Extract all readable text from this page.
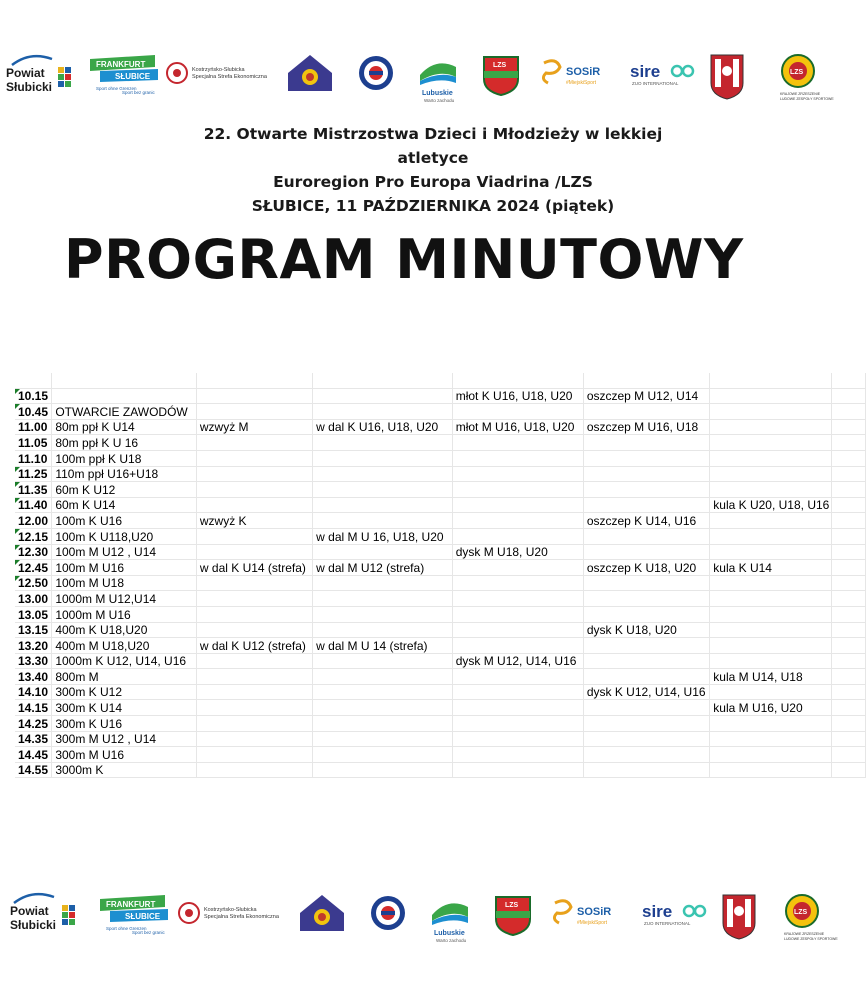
Powiat
Słubicki
FRANKFURT
SŁUBICE
Sport ohne Grenzen
Sport bez granic
Kostrzyńsko-Słubicka
Specjalna Strefa Ekonomiczna
Lubuskie
Warto zachodu
LZS
SOSiR
#MiejskiSport
sire
ZUO INTERNATIONAL
LZS
KRAJOWE ZRZESZENIE
LUDOWE ZESPOŁY SPORTOWE
22. Otwarte Mistrzostwa Dzieci i Młodzieży w lekkiej
atletyce
Euroregion Pro Europa Viadrina /LZS
SŁUBICE, 11 PAŹDZIERNIKA 2024 (piątek)
PROGRAM MINUTOWY

10.15				młot K U16, U18, U20	oszczep M U12, U14		
10.45	OTWARCIE ZAWODÓW						
11.00	80m ppł K U14	wzwyż M	w dal K U16, U18, U20	młot M U16, U18, U20	oszczep M U16, U18		
11.05	80m ppł K U 16						
11.10	100m ppł K U18						
11.25	110m ppł U16+U18						
11.35	60m K U12						
11.40	60m K U14					kula K U20, U18, U16	
12.00	100m K U16	wzwyż K			oszczep K U14, U16		
12.15	100m K U118,U20		w dal M U 16, U18, U20				
12.30	100m M U12 , U14			dysk M U18, U20			
12.45	100m M U16	w dal K U14 (strefa)	w dal M U12 (strefa)		oszczep K U18, U20	kula K U14	
12.50	100m M U18						
13.00	1000m M U12,U14						
13.05	1000m M U16						
13.15	400m K U18,U20				dysk K U18, U20		
13.20	400m M U18,U20	w dal K U12 (strefa)	w dal M U 14 (strefa)				
13.30	1000m K U12, U14, U16			dysk M U12, U14, U16			
13.40	800m M					kula M U14, U18	
14.10	300m K U12				dysk K U12, U14, U16		
14.15	300m K U14					kula M U16, U20	
14.25	300m K U16						
14.35	300m M U12 , U14						
14.45	300m M U16						
14.55	3000m K						
Powiat
Słubicki
FRANKFURT
SŁUBICE
Sport ohne Grenzen
Sport bez granic
Kostrzyńsko-Słubicka
Specjalna Strefa Ekonomiczna
Lubuskie
Warto zachodu
LZS
SOSiR
#MiejskiSport
sire
ZUO INTERNATIONAL
LZS
KRAJOWE ZRZESZENIE
LUDOWE ZESPOŁY SPORTOWE
